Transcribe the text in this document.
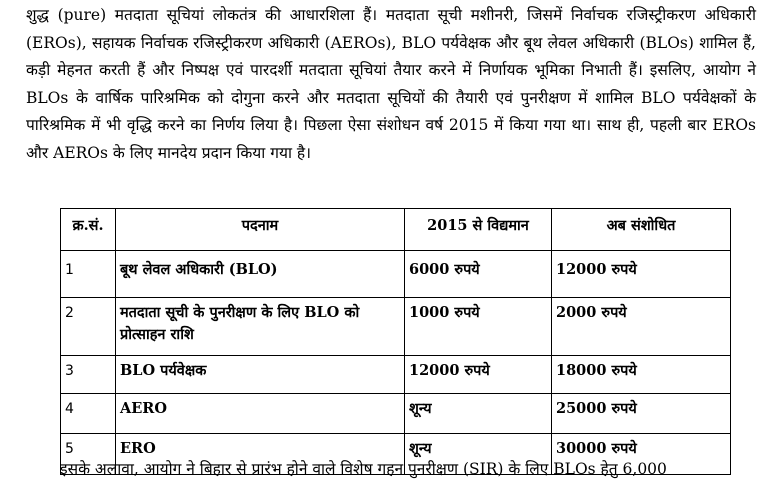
शुद्ध (pure) मतदाता सूचियां लोकतंत्र की आधारशिला हैं। मतदाता सूची मशीनरी, जिसमें निर्वाचक रजिस्ट्रीकरण अधिकारी (EROs), सहायक निर्वाचक रजिस्ट्रीकरण अधिकारी (AEROs), BLO पर्यवेक्षक और बूथ लेवल अधिकारी (BLOs) शामिल हैं, कड़ी मेहनत करती हैं और निष्पक्ष एवं पारदर्शी मतदाता सूचियां तैयार करने में निर्णायक भूमिका निभाती हैं। इसलिए, आयोग ने BLOs के वार्षिक पारिश्रमिक को दोगुना करने और मतदाता सूचियों की तैयारी एवं पुनरीक्षण में शामिल BLO पर्यवेक्षकों के पारिश्रमिक में भी वृद्धि करने का निर्णय लिया है। पिछला ऐसा संशोधन वर्ष 2015 में किया गया था। साथ ही, पहली बार EROs और AEROs के लिए मानदेय प्रदान किया गया है।

क्र.सं.	पदनाम	2015 से विद्यमान	अब संशोधित
1	बूथ लेवल अधिकारी (BLO)	6000 रुपये	12000 रुपये
2	मतदाता सूची के पुनरीक्षण के लिए BLO को प्रोत्साहन राशि	1000 रुपये	2000 रुपये
3	BLO पर्यवेक्षक	12000 रुपये	18000 रुपये
4	AERO	शून्य	25000 रुपये
5	ERO	शून्य	30000 रुपये
इसके अलावा, आयोग ने बिहार से प्रारंभ होने वाले विशेष गहन पुनरीक्षण (SIR) के लिए BLOs हेतु 6,000
